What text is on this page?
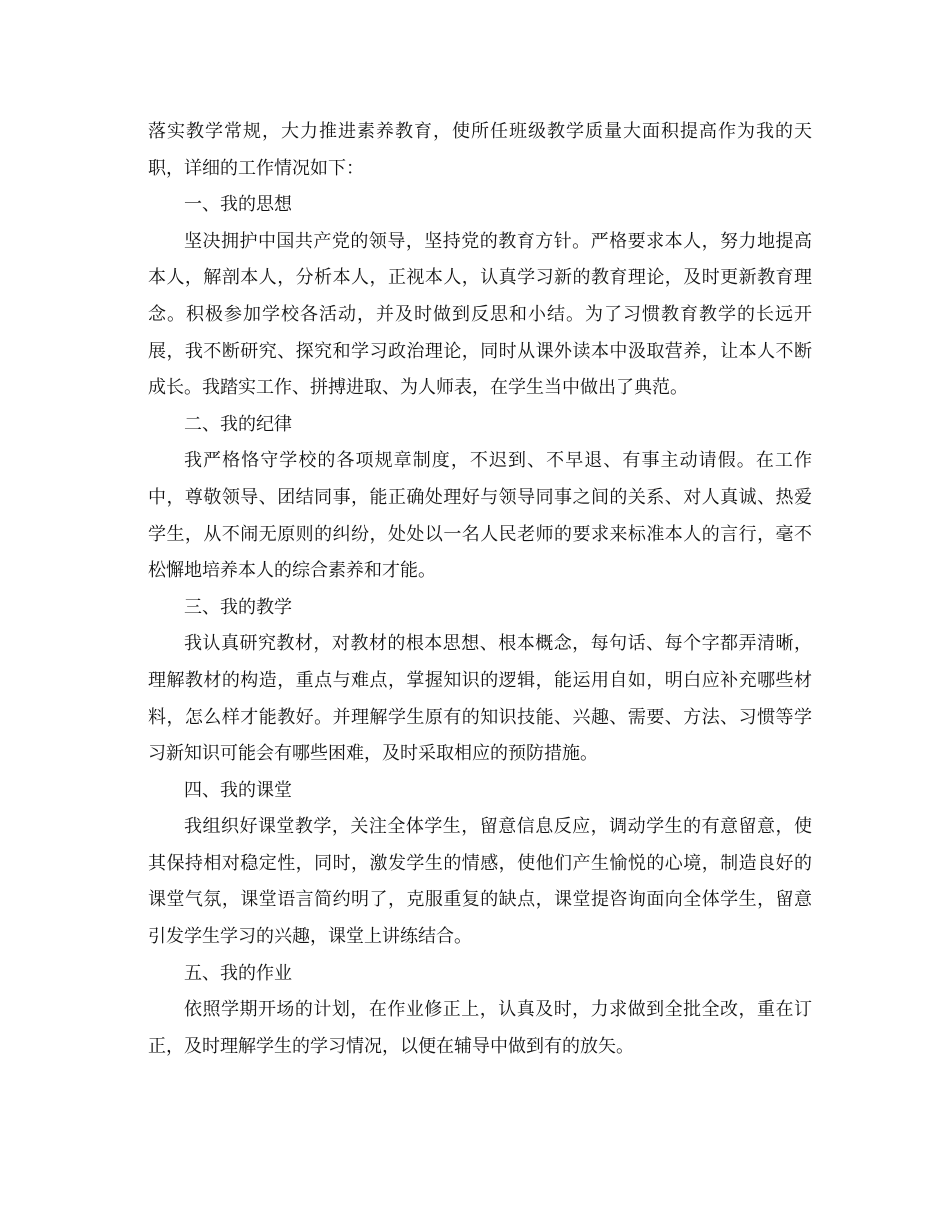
落实教学常规，大力推进素养教育，使所任班级教学质量大面积提高作为我的天职，详细的工作情况如下：

一、我的思想

坚决拥护中国共产党的领导，坚持党的教育方针。严格要求本人，努力地提高本人，解剖本人，分析本人，正视本人，认真学习新的教育理论，及时更新教育理念。积极参加学校各活动，并及时做到反思和小结。为了习惯教育教学的长远开展，我不断研究、探究和学习政治理论，同时从课外读本中汲取营养，让本人不断成长。我踏实工作、拼搏进取、为人师表，在学生当中做出了典范。

二、我的纪律

我严格恪守学校的各项规章制度，不迟到、不早退、有事主动请假。在工作中，尊敬领导、团结同事，能正确处理好与领导同事之间的关系、对人真诚、热爱学生，从不闹无原则的纠纷，处处以一名人民老师的要求来标准本人的言行，毫不松懈地培养本人的综合素养和才能。

三、我的教学

我认真研究教材，对教材的根本思想、根本概念，每句话、每个字都弄清晰，理解教材的构造，重点与难点，掌握知识的逻辑，能运用自如，明白应补充哪些材料，怎么样才能教好。并理解学生原有的知识技能、兴趣、需要、方法、习惯等学习新知识可能会有哪些困难，及时采取相应的预防措施。

四、我的课堂

我组织好课堂教学，关注全体学生，留意信息反应，调动学生的有意留意，使其保持相对稳定性，同时，激发学生的情感，使他们产生愉悦的心境，制造良好的课堂气氛，课堂语言简约明了，克服重复的缺点，课堂提咨询面向全体学生，留意引发学生学习的兴趣，课堂上讲练结合。

五、我的作业

依照学期开场的计划，在作业修正上，认真及时，力求做到全批全改，重在订正，及时理解学生的学习情况，以便在辅导中做到有的放矢。
